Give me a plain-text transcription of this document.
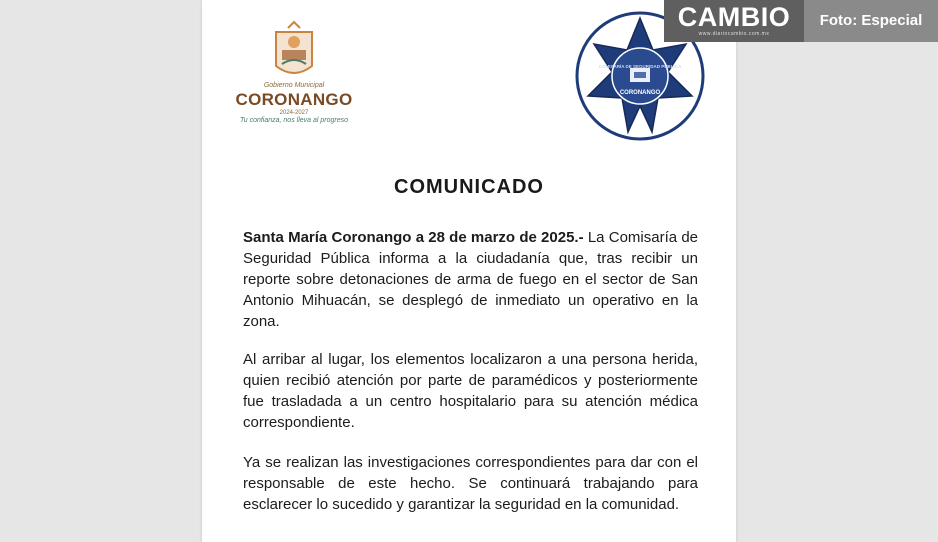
Gobierno Municipal
CORONANGO
2024-2027
Tu confianza, nos lleva al progreso
COMISARÍA DE SEGURIDAD PÚBLICA
CORONANGO
CAMBIO
www.diariocambio.com.mx
Foto: Especial
COMUNICADO

Santa María Coronango a 28 de marzo de 2025.- La Comisaría de Seguridad Pública informa a la ciudadanía que, tras recibir un reporte sobre detonaciones de arma de fuego en el sector de San Antonio Mihuacán, se desplegó de inmediato un operativo en la zona.

Al arribar al lugar, los elementos localizaron a una persona herida, quien recibió atención por parte de paramédicos y posteriormente fue trasladada a un centro hospitalario para su atención médica correspondiente.

Ya se realizan las investigaciones correspondientes para dar con el responsable de este hecho. Se continuará trabajando para esclarecer lo sucedido y garantizar la seguridad en la comunidad.
